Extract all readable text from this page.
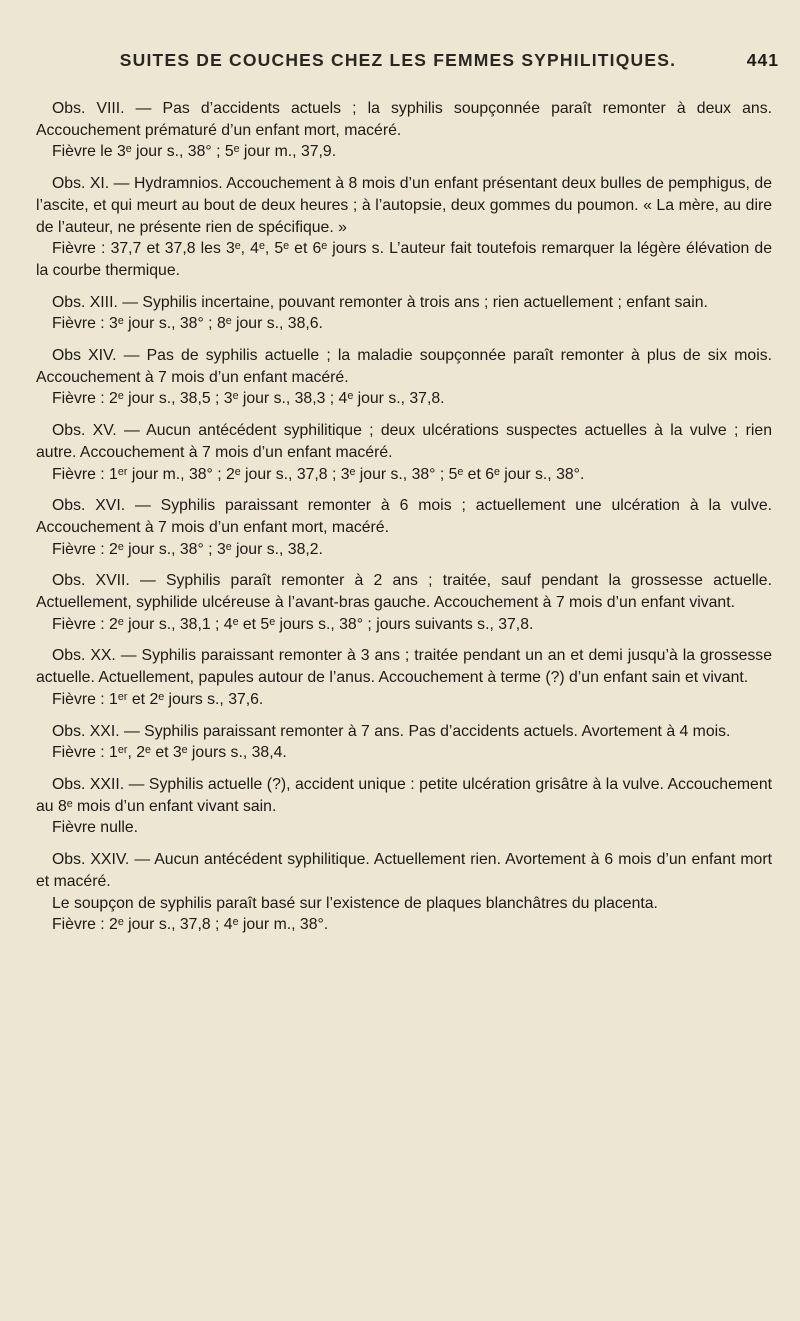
SUITES DE COUCHES CHEZ LES FEMMES SYPHILITIQUES.	441

Obs. VIII. — Pas d’accidents actuels ; la syphilis soupçonnée paraît remonter à deux ans. Accouchement prématuré d’un enfant mort, macéré.

Fièvre le 3ᵉ jour s., 38° ; 5ᵉ jour m., 37,9.

Obs. XI. — Hydramnios. Accouchement à 8 mois d’un enfant présentant deux bulles de pemphigus, de l’ascite, et qui meurt au bout de deux heures ; à l’autopsie, deux gommes du poumon. « La mère, au dire de l’auteur, ne présente rien de spécifique. »

Fièvre : 37,7 et 37,8 les 3ᵉ, 4ᵉ, 5ᵉ et 6ᵉ jours s. L’auteur fait toutefois remarquer la légère élévation de la courbe thermique.

Obs. XIII. — Syphilis incertaine, pouvant remonter à trois ans ; rien actuellement ; enfant sain.

Fièvre : 3ᵉ jour s., 38° ; 8ᵉ jour s., 38,6.

Obs XIV. — Pas de syphilis actuelle ; la maladie soupçonnée paraît remonter à plus de six mois. Accouchement à 7 mois d’un enfant macéré.

Fièvre : 2ᵉ jour s., 38,5 ; 3ᵉ jour s., 38,3 ; 4ᵉ jour s., 37,8.

Obs. XV. — Aucun antécédent syphilitique ; deux ulcérations suspectes actuelles à la vulve ; rien autre. Accouchement à 7 mois d’un enfant macéré.

Fièvre : 1ᵉʳ jour m., 38° ; 2ᵉ jour s., 37,8 ; 3ᵉ jour s., 38° ; 5ᵉ et 6ᵉ jour s., 38°.

Obs. XVI. — Syphilis paraissant remonter à 6 mois ; actuellement une ulcération à la vulve. Accouchement à 7 mois d’un enfant mort, macéré.

Fièvre : 2ᵉ jour s., 38° ; 3ᵉ jour s., 38,2.

Obs. XVII. — Syphilis paraît remonter à 2 ans ; traitée, sauf pendant la grossesse actuelle. Actuellement, syphilide ulcéreuse à l’avant-bras gauche. Accouchement à 7 mois d’un enfant vivant.

Fièvre : 2ᵉ jour s., 38,1 ; 4ᵉ et 5ᵉ jours s., 38° ; jours suivants s., 37,8.

Obs. XX. — Syphilis paraissant remonter à 3 ans ; traitée pendant un an et demi jusqu’à la grossesse actuelle. Actuellement, papules autour de l’anus. Accouchement à terme (?) d’un enfant sain et vivant.

Fièvre : 1ᵉʳ et 2ᵉ jours s., 37,6.

Obs. XXI. — Syphilis paraissant remonter à 7 ans. Pas d’accidents actuels. Avortement à 4 mois.

Fièvre : 1ᵉʳ, 2ᵉ et 3ᵉ jours s., 38,4.

Obs. XXII. — Syphilis actuelle (?), accident unique : petite ulcération grisâtre à la vulve. Accouchement au 8ᵉ mois d’un enfant vivant sain.

Fièvre nulle.

Obs. XXIV. — Aucun antécédent syphilitique. Actuellement rien. Avortement à 6 mois d’un enfant mort et macéré.

Le soupçon de syphilis paraît basé sur l’existence de plaques blanchâtres du placenta.

Fièvre : 2ᵉ jour s., 37,8 ; 4ᵉ jour m., 38°.
